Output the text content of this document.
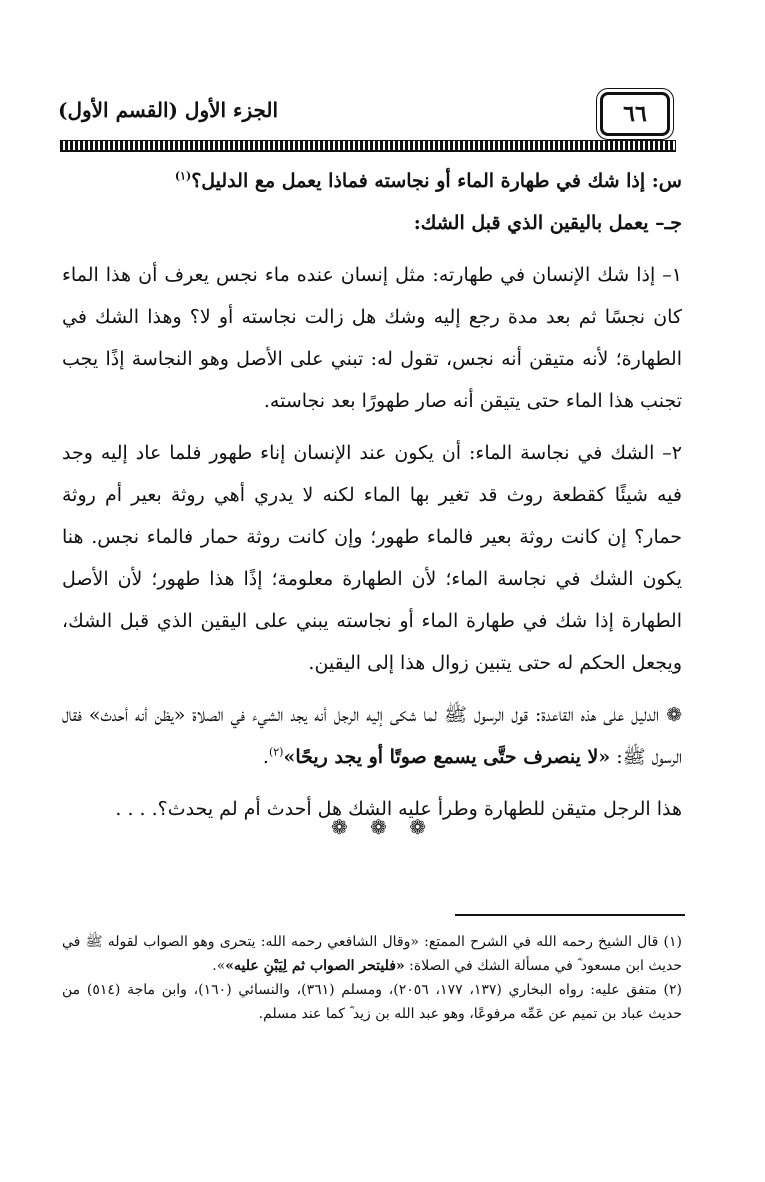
٦٦
الجزء الأول (القسم الأول)

س: إذا شك في طهارة الماء أو نجاسته فماذا يعمل مع الدليل؟$^{(١)}$

جـ– يعمل باليقين الذي قبل الشك:

١– إذا شك الإنسان في طهارته: مثل إنسان عنده ماء نجس يعرف أن هذا الماء كان نجسًا ثم بعد مدة رجع إليه وشك هل زالت نجاسته أو لا؟ وهذا الشك في الطهارة؛ لأنه متيقن أنه نجس، تقول له: تبني على الأصل وهو النجاسة إذًا يجب تجنب هذا الماء حتى يتيقن أنه صار طهورًا بعد نجاسته.

٢– الشك في نجاسة الماء: أن يكون عند الإنسان إناء طهور فلما عاد إليه وجد فيه شيئًا كقطعة روث قد تغير بها الماء لكنه لا يدري أهي روثة بعير أم روثة حمار؟ إن كانت روثة بعير فالماء طهور؛ وإن كانت روثة حمار فالماء نجس. هنا يكون الشك في نجاسة الماء؛ لأن الطهارة معلومة؛ إذًا هذا طهور؛ لأن الأصل الطهارة إذا شك في طهارة الماء أو نجاسته يبني على اليقين الذي قبل الشك، ويجعل الحكم له حتى يتبين زوال هذا إلى اليقين.

❁ الدليل على هذه القاعدة: قول الرسول ﷺ لما شكى إليه الرجل أنه يجد الشيء في الصلاة «يظن أنه أحدث» فقال الرسول ﷺ: «لا ينصرف حتَّى يسمع صوتًا أو يجد ريحًا»$^{(٢)}$.

هذا الرجل متيقن للطهارة وطرأ عليه الشك هل أحدث أم لم يحدث؟. . . .

❁ ❁ ❁

(١) قال الشيخ رحمه الله في الشرح الممتع: «وقال الشافعي رحمه الله: يتحرى وهو الصواب لقوله ﷺ في حديث ابن مسعود ؓ في مسألة الشك في الصلاة: «فليتحر الصواب ثم لِيَبْنِ عليه»».

(٢) متفق عليه: رواه البخاري (١٣٧، ١٧٧، ٢٠٥٦)، ومسلم (٣٦١)، والنسائي (١٦٠)، وابن ماجة (٥١٤) من حديث عباد بن تميم عن عَمِّه مرفوعًا، وهو عبد الله بن زيد ؓ كما عند مسلم.
